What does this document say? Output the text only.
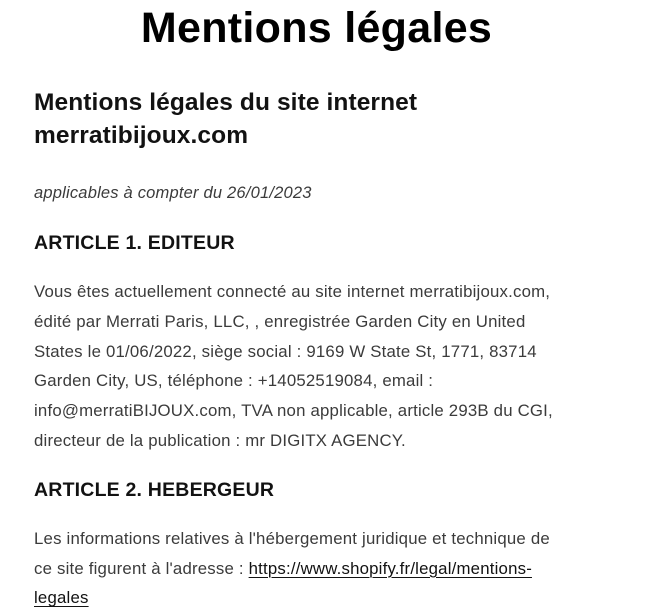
Mentions légales
Mentions légales du site internet
merratibijoux.com

applicables à compter du 26/01/2023

ARTICLE 1. EDITEUR

Vous êtes actuellement connecté au site internet merratibijoux.com,
édité par Merrati Paris, LLC, , enregistrée Garden City en United
States le 01/06/2022, siège social : 9169 W State St, 1771, 83714
Garden City, US, téléphone : +14052519084, email :
info@merratiBIJOUX.com, TVA non applicable, article 293B du CGI,
directeur de la publication : mr DIGITX AGENCY.

ARTICLE 2. HEBERGEUR

Les informations relatives à l'hébergement juridique et technique de
ce site figurent à l'adresse : https://www.shopify.fr/legal/mentions-
legales
